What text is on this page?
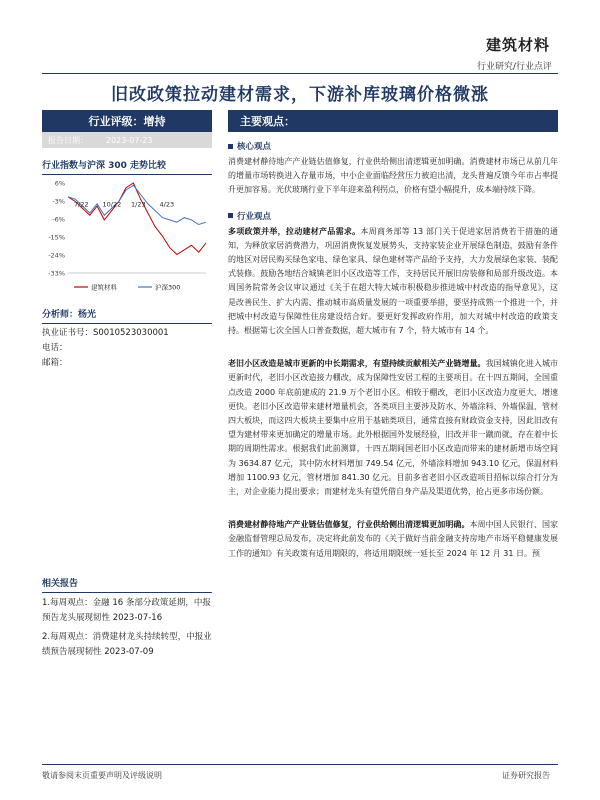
建筑材料
行业研究/行业点评
旧改政策拉动建材需求，下游补库玻璃价格微涨
行业评级：增持
报告日期： 2023-07-23
行业指数与沪深 300 走势比较
6%
-3%
-6%
-15%
-24%
-33%
7/22 10/22 1/23 4/23
建筑材料	沪深300
分析师：杨光
执业证书号：S0010523030001
电话：
邮箱：
相关报告

1.每周观点：金融 16 条部分政策延期，中报预告龙头展现韧性 2023-07-16

2.每周观点：消费建材龙头持续转型，中报业绩预告展现韧性 2023-07-09

主要观点：
核心观点

消费建材静待地产产业链估值修复，行业供给侧出清逻辑更加明确。消费建材市场已从前几年的增量市场转换进入存量市场，中小企业面临经营压力被迫出清，龙头普遍反馈今年市占率提升更加容易。光伏玻璃行业下半年迎来盈利拐点，价格有望小幅提升，成本端持续下降。

行业观点

多项政策并举，拉动建材产品需求。本周商务部等 13 部门关于促进家居消费若干措施的通知，为释放家居消费潜力，巩固消费恢复发展势头，支持家装企业开展绿色制造，鼓励有条件的地区对居民购买绿色家电、绿色家具、绿色建材等产品给予支持，大力发展绿色家装、装配式装修。鼓励各地结合城镇老旧小区改造等工作，支持居民开展旧房装修和局部升级改造。本周国务院常务会议审议通过《关于在超大特大城市积极稳步推进城中村改造的指导意见》，这是改善民生、扩大内需、推动城市高质量发展的一项重要举措，要坚持成熟一个推进一个，并把城中村改造与保障性住房建设结合好。要更好发挥政府作用，加大对城中村改造的政策支持。根据第七次全国人口普查数据，超大城市有 7 个，特大城市有 14 个。

老旧小区改造是城市更新的中长期需求，有望持续贡献相关产业链增量。我国城镇化进入城市更新时代，老旧小区改造接力棚改，成为保障性安居工程的主要项目。在十四五期间，全国重点改造 2000 年底前建成的 21.9 万个老旧小区。相较于棚改，老旧小区改造力度更大、增速更快。老旧小区改造带来建材增量机会，各类项目主要涉及防水、外墙涂料、外墙保温、管材四大板块，而这四大板块主要集中应用于基础类项目，通常直接有财政资金支持，因此旧改有望为建材带来更加确定的增量市场。此外根据国外发展经验，旧改并非一蹴而就，存在着中长期的周期性需求。根据我们此前测算，十四五期间国老旧小区改造而带来的建材新增市场空间为 3634.87 亿元，其中防水材料增加 749.54 亿元，外墙涂料增加 943.10 亿元，保温材料增加 1100.93 亿元，管材增加 841.30 亿元。目前多省老旧小区改造项目招标以综合打分为主，对企业能力提出要求；而建材龙头有望凭借自身产品及渠道优势，抢占更多市场份额。

消费建材静待地产产业链估值修复，行业供给侧出清逻辑更加明确。本周中国人民银行、国家金融监督管理总局发布，决定将此前发布的《关于做好当前金融支持房地产市场平稳健康发展工作的通知》有关政策有适用期限的，将适用期限统一延长至 2024 年 12 月 31 日。预

敬请参阅末页重要声明及评级说明	证券研究报告
